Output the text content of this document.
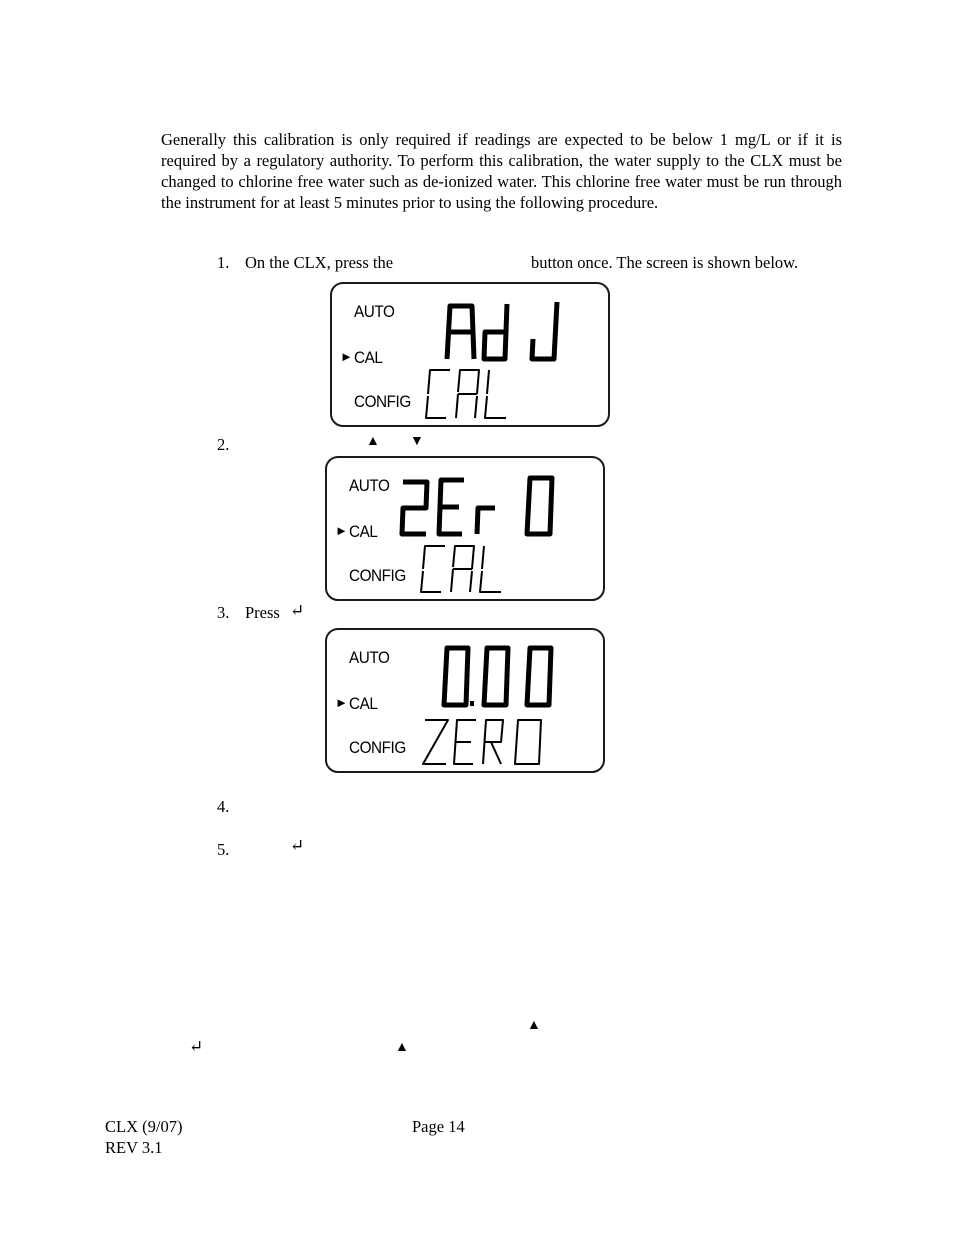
Generally this calibration is only required if readings are expected to be below 1 mg/L or if it is required by a regulatory authority. To perform this calibration, the water supply to the CLX must be changed to chlorine free water such as de-ionized water. This chlorine free water must be run through the instrument for at least 5 minutes prior to using the following procedure.

1. On the CLX, press the	button once. The screen is shown below.
AUTO
► CAL
CONFIG
2.	▲ ▼
AUTO
► CAL
CONFIG
3. Press ↵
AUTO
► CAL
CONFIG
4.
5.	↵
▲
↵	▲
CLX (9/07)
REV 3.1
Page 14
